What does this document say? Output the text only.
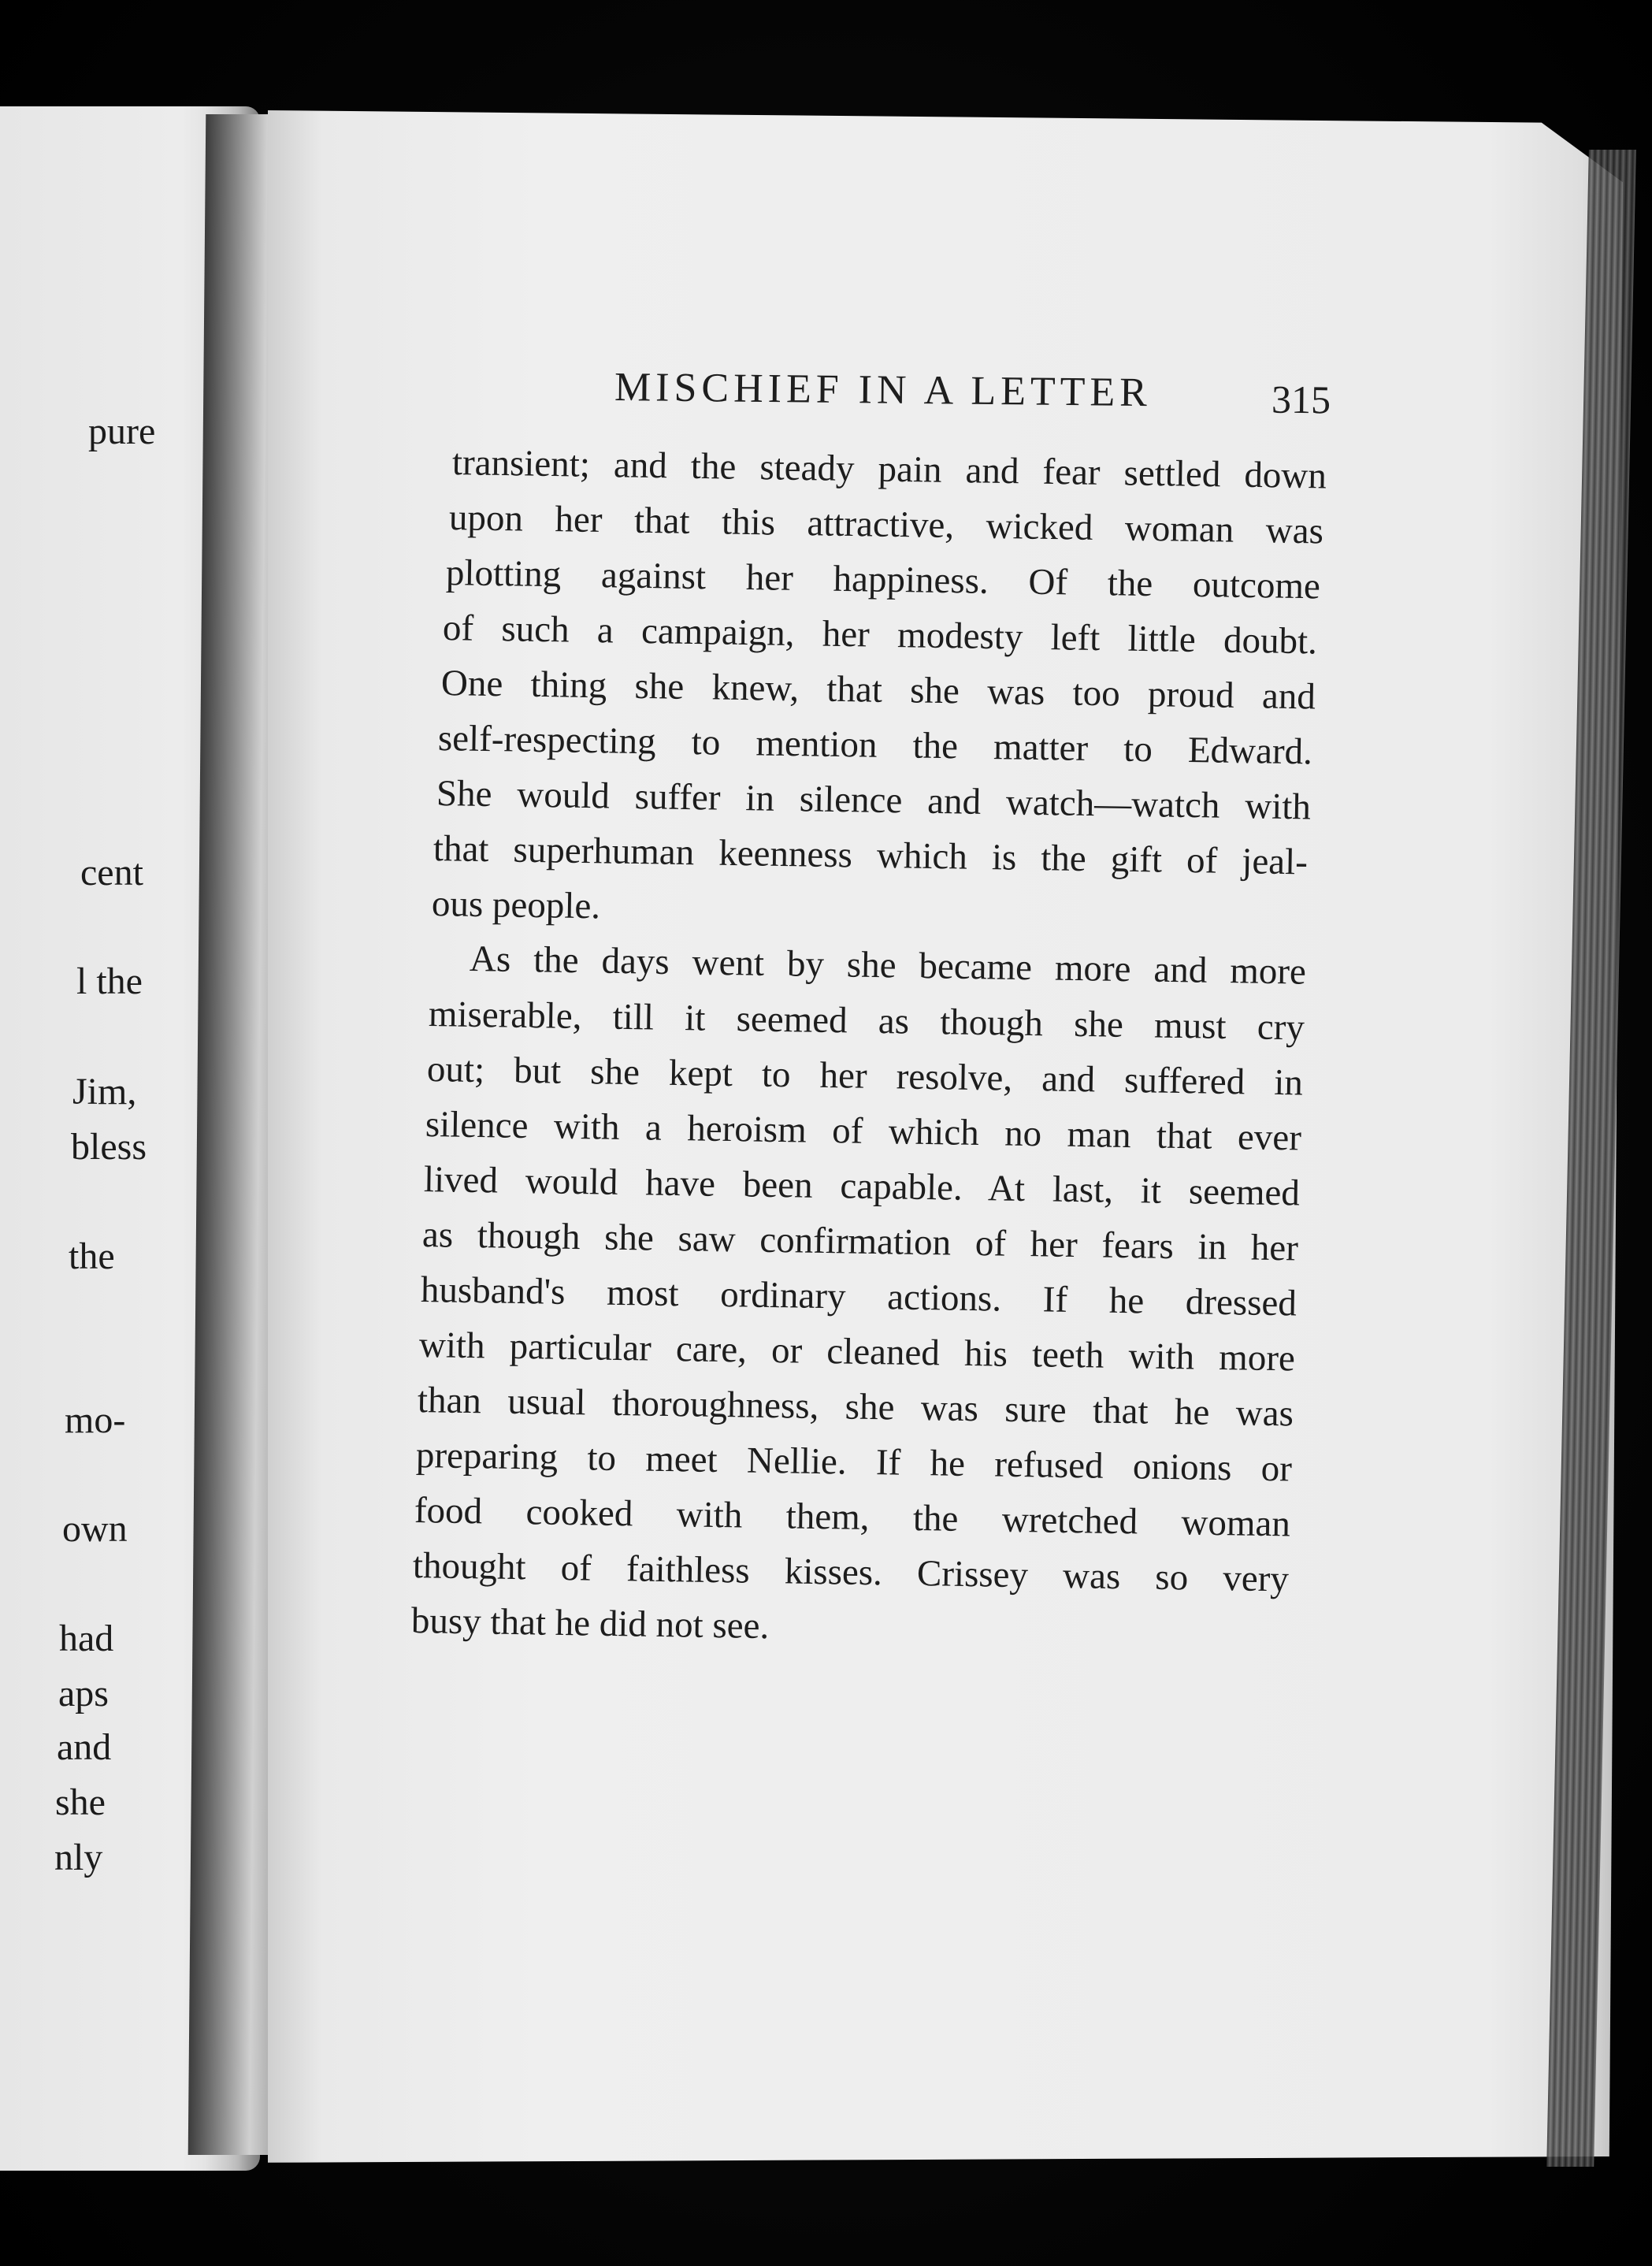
pure
cent
l the
Jim,
bless
the
mo-
own
had
aps
and
she
nly
MISCHIEF IN A LETTER	315
transient; and the steady pain and fear settled down
upon her that this attractive, wicked woman was
plotting against her happiness. Of the outcome
of such a campaign, her modesty left little doubt.
One thing she knew, that she was too proud and
self-respecting to mention the matter to Edward.
She would suffer in silence and watch—watch with
that superhuman keenness which is the gift of jeal-
ous people.
As the days went by she became more and more
miserable, till it seemed as though she must cry
out; but she kept to her resolve, and suffered in
silence with a heroism of which no man that ever
lived would have been capable. At last, it seemed
as though she saw confirmation of her fears in her
husband's most ordinary actions. If he dressed
with particular care, or cleaned his teeth with more
than usual thoroughness, she was sure that he was
preparing to meet Nellie. If he refused onions or
food cooked with them, the wretched woman
thought of faithless kisses. Crissey was so very
busy that he did not see.
